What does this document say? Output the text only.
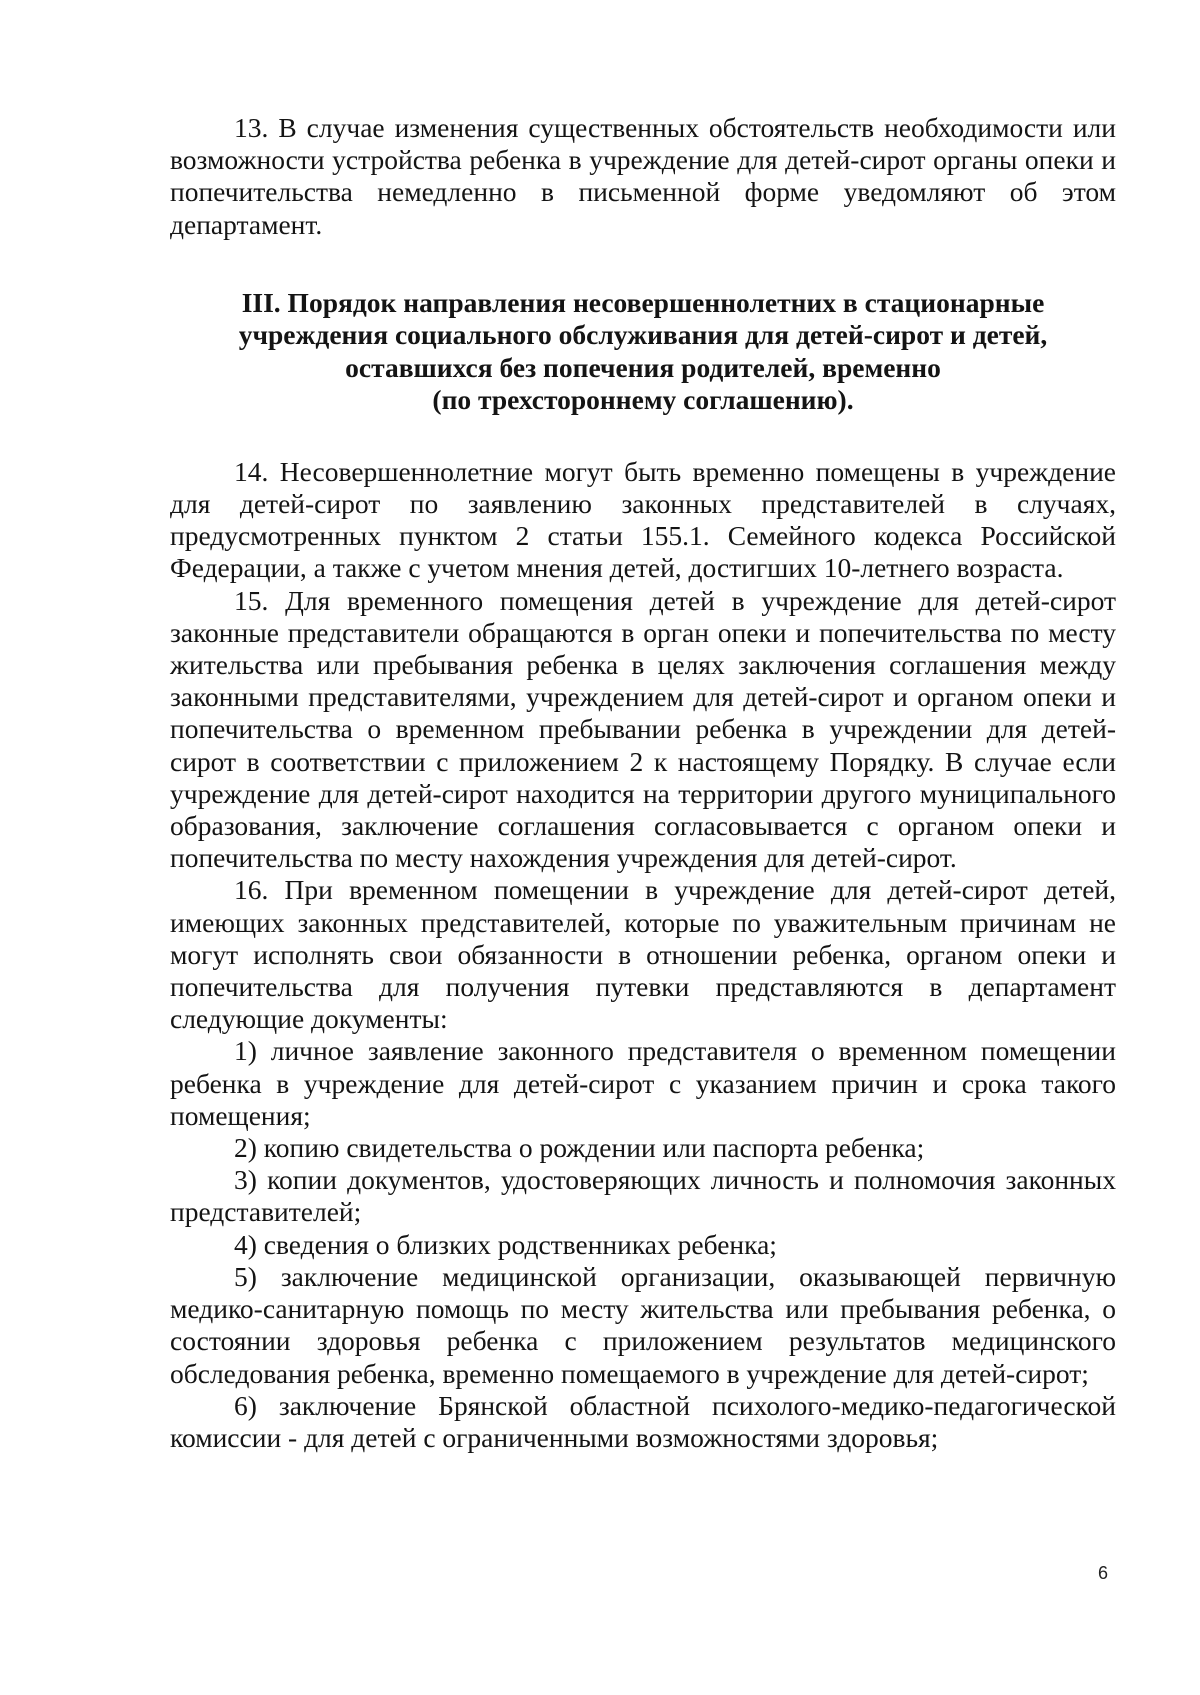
13. В случае изменения существенных обстоятельств необходимости или возможности устройства ребенка в учреждение для детей-сирот органы опеки и попечительства немедленно в письменной форме уведомляют об этом департамент.

III. Порядок направления несовершеннолетних в стационарные
учреждения социального обслуживания для детей-сирот и детей,
оставшихся без попечения родителей, временно
(по трехстороннему соглашению).

14. Несовершеннолетние могут быть временно помещены в учреждение для детей-сирот по заявлению законных представителей в случаях, предусмотренных пунктом 2 статьи 155.1. Семейного кодекса Российской Федерации, а также с учетом мнения детей, достигших 10-летнего возраста.

15. Для временного помещения детей в учреждение для детей-сирот законные представители обращаются в орган опеки и попечительства по месту жительства или пребывания ребенка в целях заключения соглашения между законными представителями, учреждением для детей-сирот и органом опеки и попечительства о временном пребывании ребенка в учреждении для детей-сирот в соответствии с приложением 2 к настоящему Порядку. В случае если учреждение для детей-сирот находится на территории другого муниципального образования, заключение соглашения согласовывается с органом опеки и попечительства по месту нахождения учреждения для детей-сирот.

16. При временном помещении в учреждение для детей-сирот детей, имеющих законных представителей, которые по уважительным причинам не могут исполнять свои обязанности в отношении ребенка, органом опеки и попечительства для получения путевки представляются в департамент следующие документы:

1) личное заявление законного представителя о временном помещении ребенка в учреждение для детей-сирот с указанием причин и срока такого помещения;

2) копию свидетельства о рождении или паспорта ребенка;

3) копии документов, удостоверяющих личность и полномочия законных представителей;

4) сведения о близких родственниках ребенка;

5) заключение медицинской организации, оказывающей первичную медико-санитарную помощь по месту жительства или пребывания ребенка, о состоянии здоровья ребенка с приложением результатов медицинского обследования ребенка, временно помещаемого в учреждение для детей-сирот;

6) заключение Брянской областной психолого-медико-педагогической комиссии - для детей с ограниченными возможностями здоровья;

6
